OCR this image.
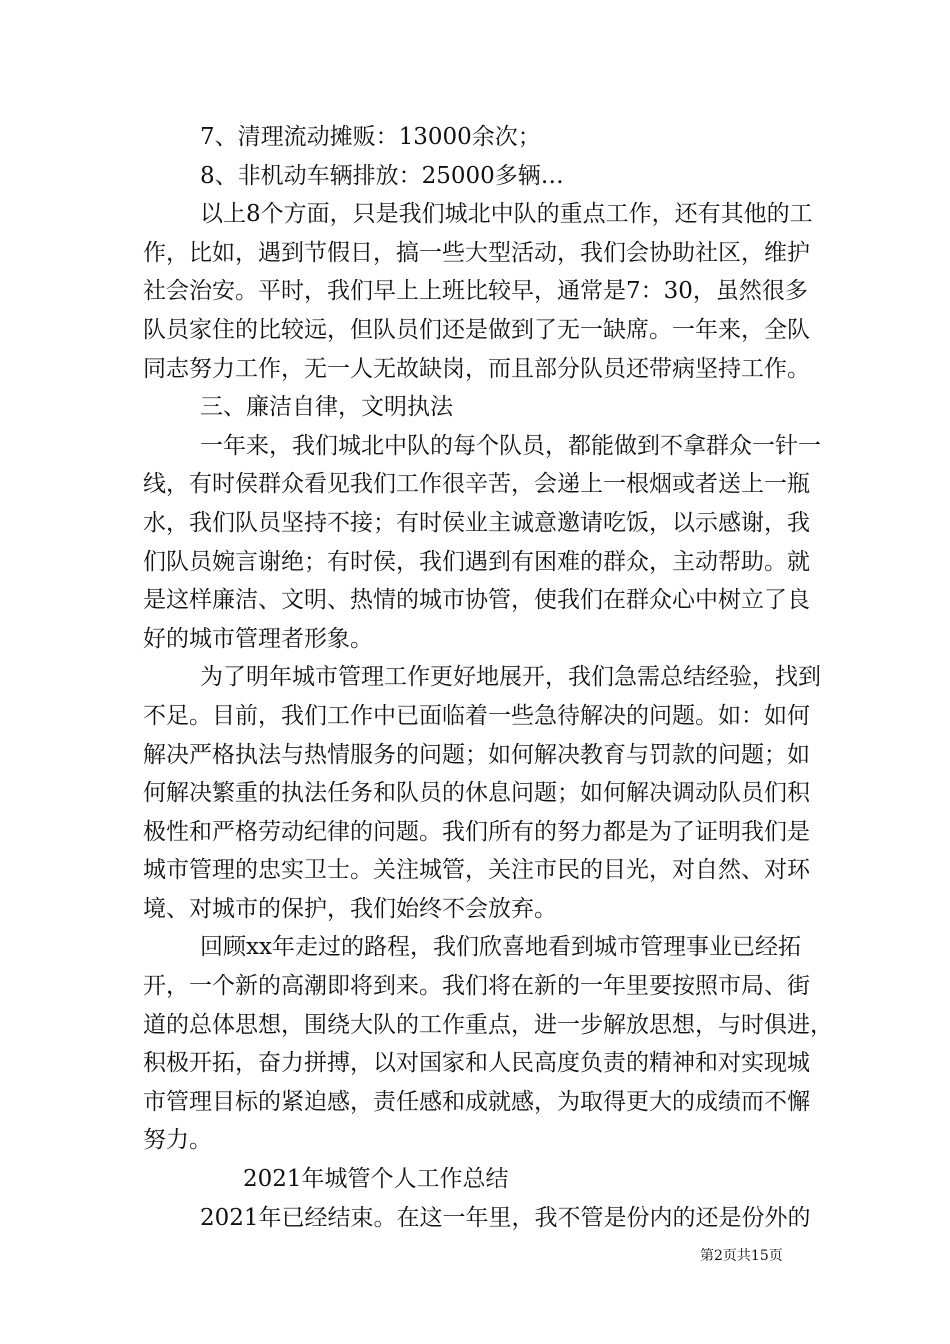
7、清理流动摊贩：13000余次；
8、非机动车辆排放：25000多辆…
以上8个方面，只是我们城北中队的重点工作，还有其他的工
作，比如，遇到节假日，搞一些大型活动，我们会协助社区，维护
社会治安。平时，我们早上上班比较早，通常是7：30，虽然很多
队员家住的比较远，但队员们还是做到了无一缺席。一年来，全队
同志努力工作，无一人无故缺岗，而且部分队员还带病坚持工作。
三、廉洁自律，文明执法
一年来，我们城北中队的每个队员，都能做到不拿群众一针一
线，有时侯群众看见我们工作很辛苦，会递上一根烟或者送上一瓶
水，我们队员坚持不接；有时侯业主诚意邀请吃饭，以示感谢，我
们队员婉言谢绝；有时侯，我们遇到有困难的群众，主动帮助。就
是这样廉洁、文明、热情的城市协管，使我们在群众心中树立了良
好的城市管理者形象。
为了明年城市管理工作更好地展开，我们急需总结经验，找到
不足。目前，我们工作中已面临着一些急待解决的问题。如：如何
解决严格执法与热情服务的问题；如何解决教育与罚款的问题；如
何解决繁重的执法任务和队员的休息问题；如何解决调动队员们积
极性和严格劳动纪律的问题。我们所有的努力都是为了证明我们是
城市管理的忠实卫士。关注城管，关注市民的目光，对自然、对环
境、对城市的保护，我们始终不会放弃。
回顾xx年走过的路程，我们欣喜地看到城市管理事业已经拓
开，一个新的高潮即将到来。我们将在新的一年里要按照市局、街
道的总体思想，围绕大队的工作重点，进一步解放思想，与时俱进，
积极开拓，奋力拼搏，以对国家和人民高度负责的精神和对实现城
市管理目标的紧迫感，责任感和成就感，为取得更大的成绩而不懈
努力。
2021年城管个人工作总结
2021年已经结束。在这一年里，我不管是份内的还是份外的
第2页共15页
